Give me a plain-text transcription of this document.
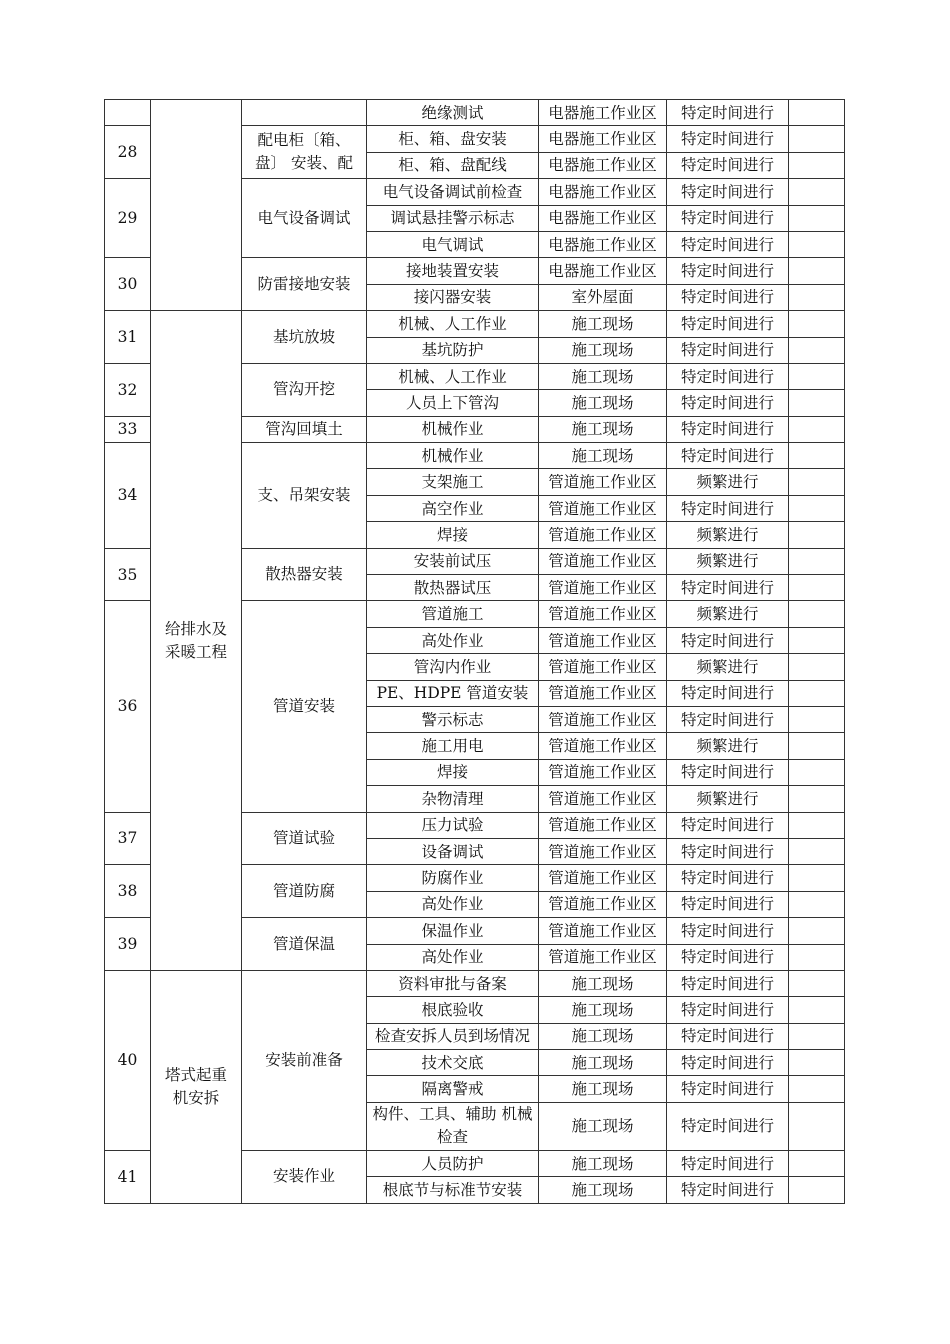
			绝缘测试	电器施工作业区	特定时间进行	
28		配电柜〔箱、盘〕 安装、配	柜、箱、盘安装	电器施工作业区	特定时间进行	
			柜、箱、盘配线	电器施工作业区	特定时间进行	
29		电气设备调试	电气设备调试前检查	电器施工作业区	特定时间进行	
			调试悬挂警示标志	电器施工作业区	特定时间进行	
			电气调试	电器施工作业区	特定时间进行	
30		防雷接地安装	接地装置安装	电器施工作业区	特定时间进行	
			接闪器安装	室外屋面	特定时间进行	
31	给排水及采暖工程	基坑放坡	机械、人工作业	施工现场	特定时间进行	
			基坑防护	施工现场	特定时间进行	
32		管沟开挖	机械、人工作业	施工现场	特定时间进行	
			人员上下管沟	施工现场	特定时间进行	
33		管沟回填土	机械作业	施工现场	特定时间进行	
34		支、吊架安装	机械作业	施工现场	特定时间进行	
			支架施工	管道施工作业区	频繁进行	
			高空作业	管道施工作业区	特定时间进行	
			焊接	管道施工作业区	频繁进行	
35		散热器安装	安装前试压	管道施工作业区	频繁进行	
			散热器试压	管道施工作业区	特定时间进行	
36		管道安装	管道施工	管道施工作业区	频繁进行	
			高处作业	管道施工作业区	特定时间进行	
			管沟内作业	管道施工作业区	频繁进行	
			PE、HDPE 管道安装	管道施工作业区	特定时间进行	
			警示标志	管道施工作业区	特定时间进行	
			施工用电	管道施工作业区	频繁进行	
			焊接	管道施工作业区	特定时间进行	
			杂物清理	管道施工作业区	频繁进行	
37		管道试验	压力试验	管道施工作业区	特定时间进行	
			设备调试	管道施工作业区	特定时间进行	
38		管道防腐	防腐作业	管道施工作业区	特定时间进行	
			高处作业	管道施工作业区	特定时间进行	
39		管道保温	保温作业	管道施工作业区	特定时间进行	
			高处作业	管道施工作业区	特定时间进行	
40	塔式起重机安拆	安装前准备	资料审批与备案	施工现场	特定时间进行	
			根底验收	施工现场	特定时间进行	
			检查安拆人员到场情况	施工现场	特定时间进行	
			技术交底	施工现场	特定时间进行	
			隔离警戒	施工现场	特定时间进行	
			构件、工具、辅助 机械检查	施工现场	特定时间进行	
41		安装作业	人员防护	施工现场	特定时间进行	
			根底节与标准节安装	施工现场	特定时间进行	
